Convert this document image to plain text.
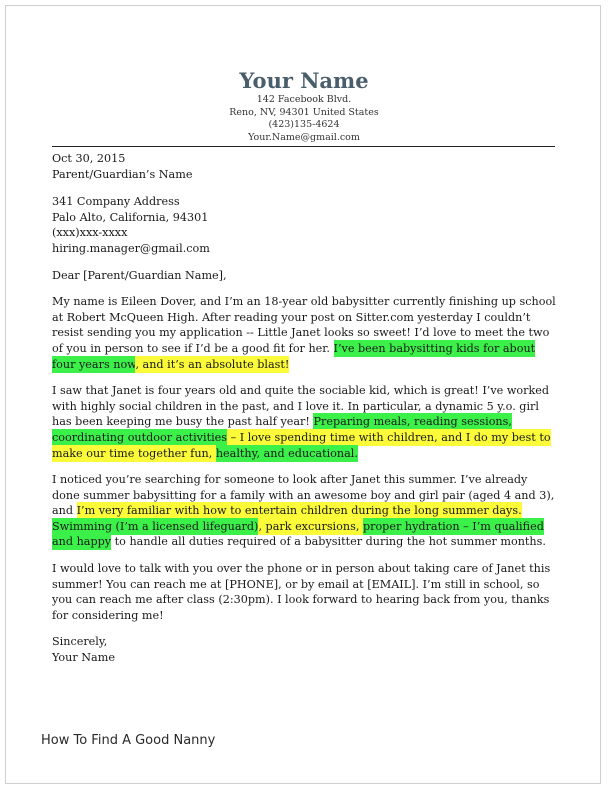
Your Name
142 Facebook Blvd.
Reno, NV, 94301 United States
(423)135-4624
Your.Name@gmail.com

Oct 30, 2015
Parent/Guardian’s Name

341 Company Address
Palo Alto, California, 94301
(xxx)xxx-xxxx
hiring.manager@gmail.com

Dear [Parent/Guardian Name],

My name is Eileen Dover, and I’m an 18-year old babysitter currently finishing up school
at Robert McQueen High. After reading your post on Sitter.com yesterday I couldn’t
resist sending you my application -- Little Janet looks so sweet! I’d love to meet the two
of you in person to see if I’d be a good fit for her. I’ve been babysitting kids for about
four years now, and it’s an absolute blast!

I saw that Janet is four years old and quite the sociable kid, which is great! I’ve worked
with highly social children in the past, and I love it. In particular, a dynamic 5 y.o. girl
has been keeping me busy the past half year! Preparing meals, reading sessions,
coordinating outdoor activities – I love spending time with children, and I do my best to
make our time together fun, healthy, and educational.

I noticed you’re searching for someone to look after Janet this summer. I’ve already
done summer babysitting for a family with an awesome boy and girl pair (aged 4 and 3),
and I’m very familiar with how to entertain children during the long summer days.
Swimming (I’m a licensed lifeguard), park excursions, proper hydration – I’m qualified
and happy to handle all duties required of a babysitter during the hot summer months.

I would love to talk with you over the phone or in person about taking care of Janet this
summer! You can reach me at [PHONE], or by email at [EMAIL]. I’m still in school, so
you can reach me after class (2:30pm). I look forward to hearing back from you, thanks
for considering me!

Sincerely,
Your Name

How To Find A Good Nanny
